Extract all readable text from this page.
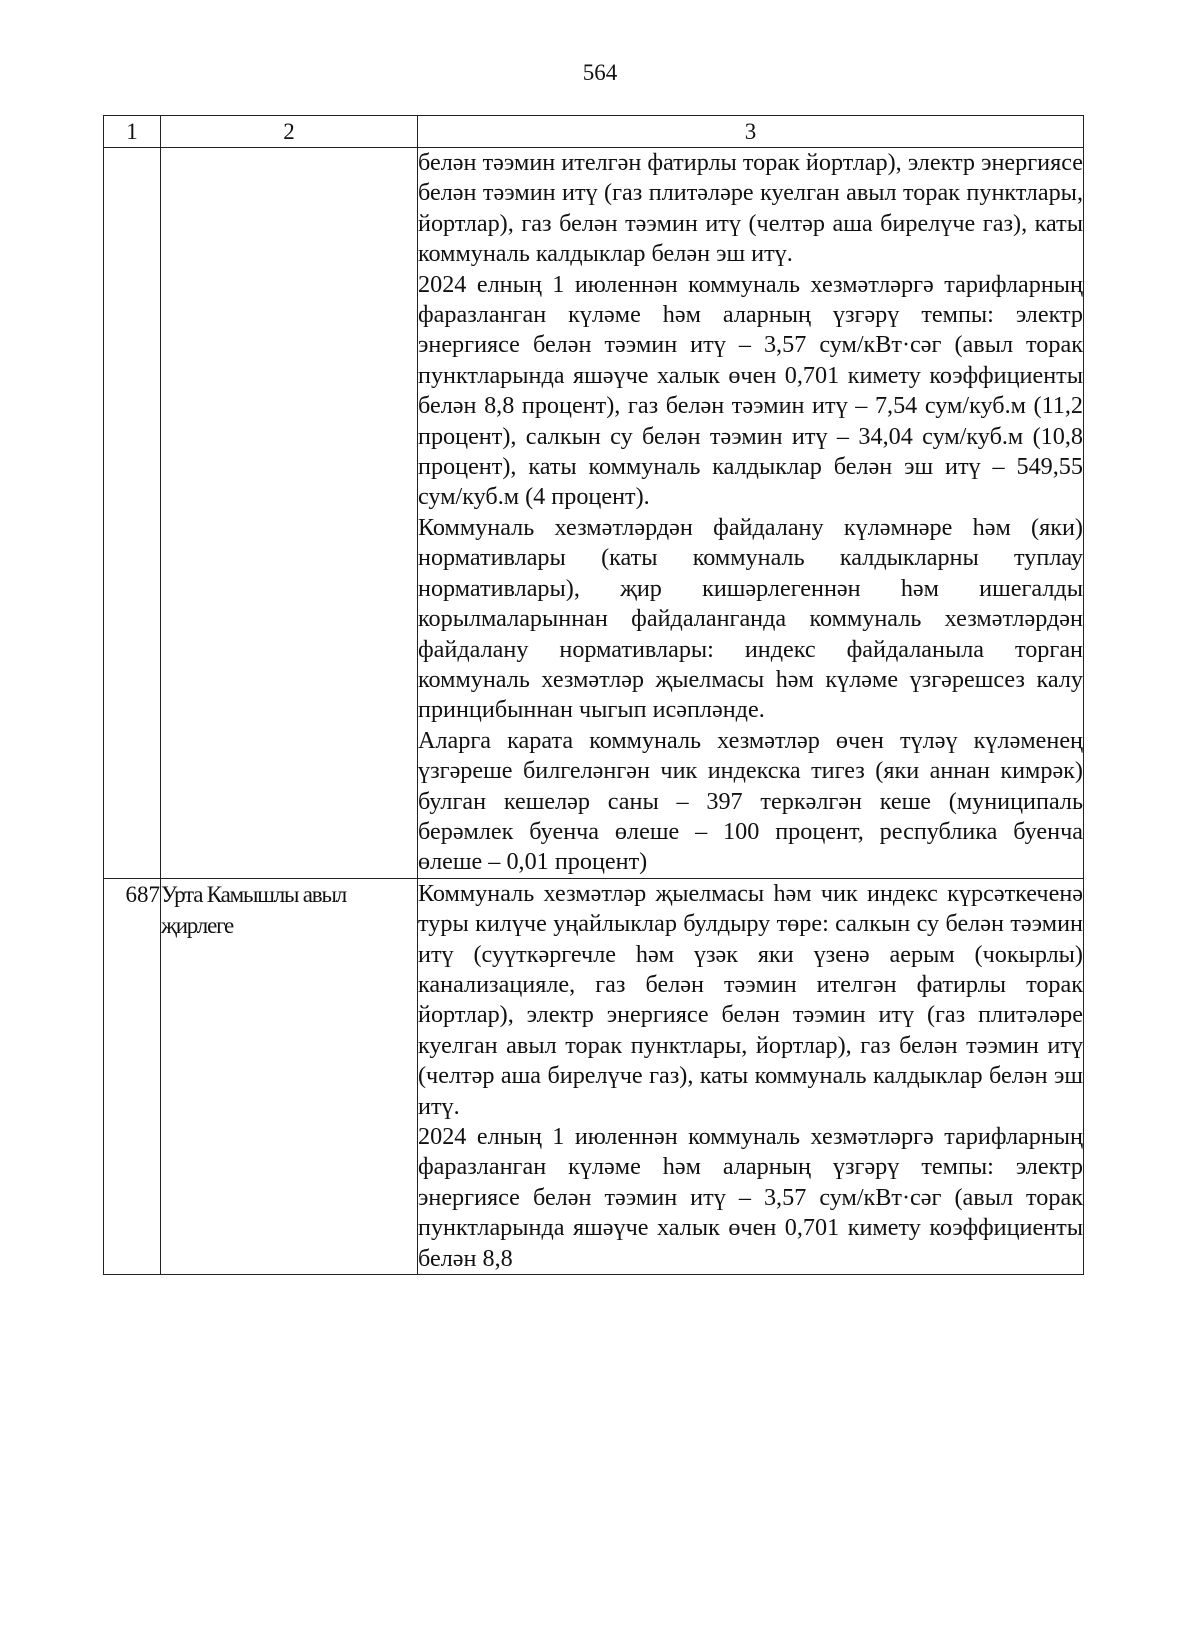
564
1	2	3

		белән тәэмин ителгән фатирлы торак йортлар), электр энергиясе белән тәэмин итү (газ плитәләре куелган авыл торак пунктлары, йортлар), газ белән тәэмин итү (челтәр аша бирелүче газ), каты коммуналь калдыклар белән эш итү.

2024 елның 1 июленнән коммуналь хезмәтләргә тарифларның фаразланган күләме һәм аларның үзгәрү темпы: электр энергиясе белән тәэмин итү – 3,57 сум/кВт·сәг (авыл торак пунктларында яшәүче халык өчен 0,701 кимету коэффициенты белән 8,8 процент), газ белән тәэмин итү – 7,54 сум/куб.м (11,2 процент), салкын су белән тәэмин итү – 34,04 сум/куб.м (10,8 процент), каты коммуналь калдыклар белән эш итү – 549,55 сум/куб.м (4 процент).

Коммуналь хезмәтләрдән файдалану күләмнәре һәм (яки) нормативлары (каты коммуналь калдыкларны туплау нормативлары), җир кишәрлегеннән һәм ишегалды корылмаларыннан файдаланганда коммуналь хезмәтләрдән файдалану нормативлары: индекс файдаланыла торган коммуналь хезмәтләр җыелмасы һәм күләме үзгәрешсез калу принцибыннан чыгып исәпләнде.

Аларга карата коммуналь хезмәтләр өчен түләү күләменең үзгәреше билгеләнгән чик индекска тигез (яки аннан кимрәк) булган кешеләр саны – 397 теркәлгән кеше (муниципаль берәмлек буенча өлеше – 100 процент, республика буенча өлеше – 0,01 процент)

687	Урта Камышлы авыл җирлеге	Коммуналь хезмәтләр җыелмасы һәм чик индекс күрсәткеченә туры килүче уңайлыклар булдыру төре: салкын су белән тәэмин итү (суүткәргечле һәм үзәк яки үзенә аерым (чокырлы) канализацияле, газ белән тәэмин ителгән фатирлы торак йортлар), электр энергиясе белән тәэмин итү (газ плитәләре куелган авыл торак пунктлары, йортлар), газ белән тәэмин итү (челтәр аша бирелүче газ), каты коммуналь калдыклар белән эш итү.

2024 елның 1 июленнән коммуналь хезмәтләргә тарифларның фаразланган күләме һәм аларның үзгәрү темпы: электр энергиясе белән тәэмин итү – 3,57 сум/кВт·сәг (авыл торак пунктларында яшәүче халык өчен 0,701 кимету коэффициенты белән 8,8
